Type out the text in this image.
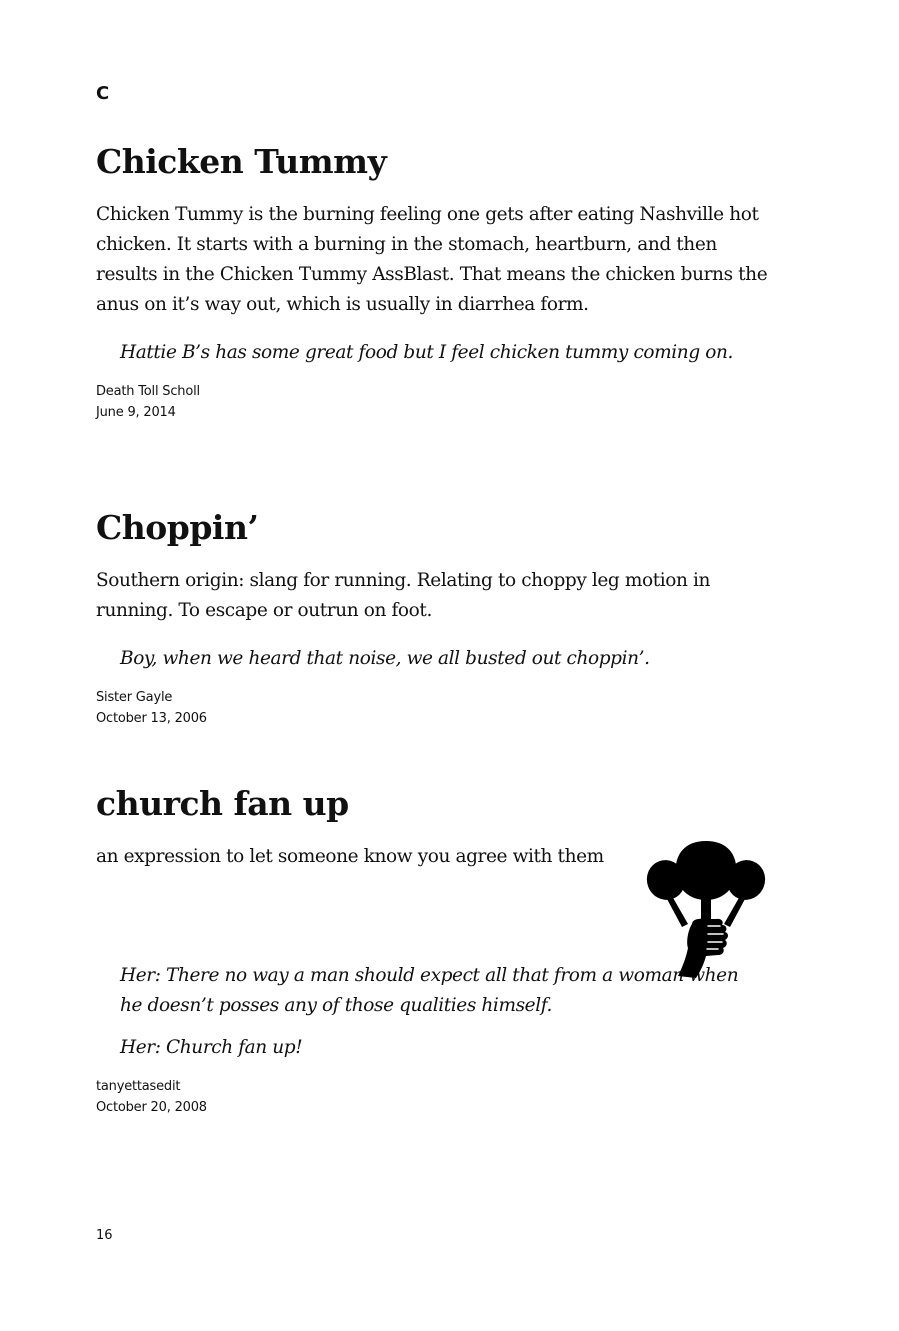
C

Chicken Tummy

Chicken Tummy is the burning feeling one gets after eating Nashville hot chicken. It starts with a burning in the stomach, heartburn, and then results in the Chicken Tummy AssBlast. That means the chicken burns the anus on it’s way out, which is usually in diarrhea form.

Hattie B’s has some great food but I feel chicken tummy coming on.

Death Toll Scholl

June 9, 2014

Choppin’

Southern origin: slang for running. Relating to choppy leg motion in running. To escape or outrun on foot.

Boy, when we heard that noise, we all busted out choppin’.

Sister Gayle

October 13, 2006

church fan up

an expression to let someone know you agree with them

Her: There no way a man should expect all that from a woman when he doesn’t posses any of those qualities himself.

Her: Church fan up!

tanyettasedit

October 20, 2008

16
